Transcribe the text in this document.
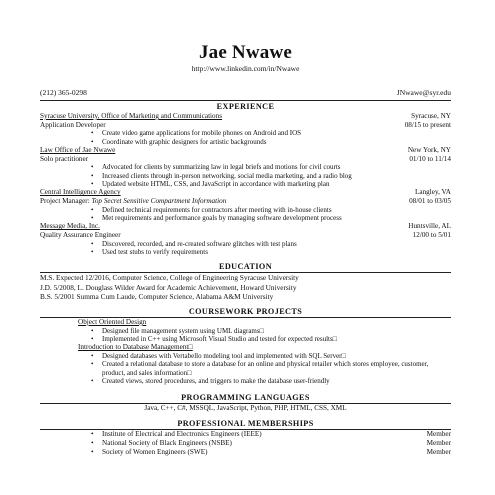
Jae Nwawe
http://www.linkedin.com/in/Nwawe
(212) 365-0298	JNwawe@syr.edu
EXPERIENCE
Syracuse University, Office of Marketing and Communications	Syracuse, NY
Application Developer	08/15 to present
• Create video game applications for mobile phones on Android and IOS
• Coordinate with graphic designers for artistic backgrounds
Law Office of Jae Nwawe	New York, NY
Solo practitioner	01/10 to 11/14
• Advocated for clients by summarizing law in legal briefs and motions for civil courts
• Increased clients through in-person networking, social media marketing, and a radio blog
• Updated website HTML, CSS, and JavaScript in accordance with marketing plan
Central Intelligence Agency	Langley, VA
Project Manager: Top Secret Sensitive Compartment Information	08/01 to 03/05
• Defined technical requirements for contractors after meeting with in-house clients
• Met requirements and performance goals by managing software development process
Message Media, Inc.	Huntsville, AL
Quality Assurance Engineer	12/00 to 5/01
• Discovered, recorded, and re-created software glitches with test plans
• Used test stubs to verify requirements
EDUCATION
M.S. Expected 12/2016, Computer Science, College of Engineering Syracuse University
J.D. 5/2008, L. Douglass Wilder Award for Academic Achievement, Howard University
B.S. 5/2001 Summa Cum Laude, Computer Science, Alabama A&M University
COURSEWORK PROJECTS
Object Oriented Design
• Designed file management system using UML diagrams□
• Implemented in C++ using Microsoft Visual Studio and tested for expected results□
Introduction to Database Management□
• Designed databases with Vertabello modeling tool and implemented with SQL Server□
• Created a relational database to store a database for an online and physical retailer which stores employee, customer, product, and sales information□
• Created views, stored procedures, and triggers to make the database user-friendly
PROGRAMMING LANGUAGES
Java, C++, C#, MSSQL, JavaScript, Python, PHP, HTML, CSS, XML
PROFESSIONAL MEMBERSHIPS
• Institute of Electrical and Electronics Engineers (IEEE)	Member
• National Society of Black Engineers (NSBE)	Member
• Society of Women Engineers (SWE)	Member
